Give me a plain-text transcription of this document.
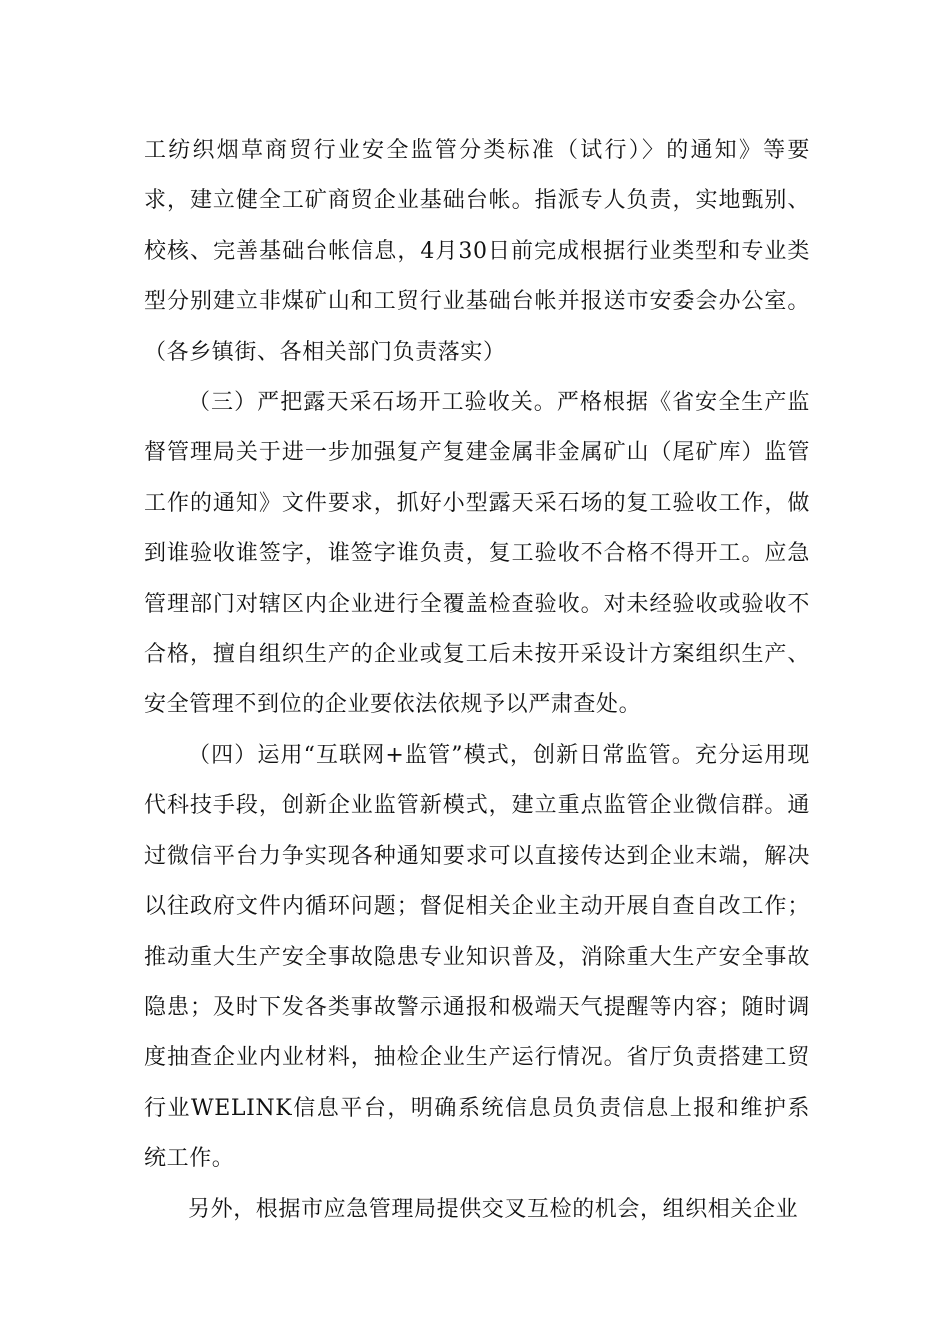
工纺织烟草商贸行业安全监管分类标准（试行）〉的通知》等要求，建立健全工矿商贸企业基础台帐。指派专人负责，实地甄别、校核、完善基础台帐信息，4月30日前完成根据行业类型和专业类型分别建立非煤矿山和工贸行业基础台帐并报送市安委会办公室。（各乡镇街、各相关部门负责落实）

（三）严把露天采石场开工验收关。严格根据《省安全生产监督管理局关于进一步加强复产复建金属非金属矿山（尾矿库）监管工作的通知》文件要求，抓好小型露天采石场的复工验收工作，做到谁验收谁签字，谁签字谁负责，复工验收不合格不得开工。应急管理部门对辖区内企业进行全覆盖检查验收。对未经验收或验收不合格，擅自组织生产的企业或复工后未按开采设计方案组织生产、安全管理不到位的企业要依法依规予以严肃查处。

（四）运用“互联网+监管”模式，创新日常监管。充分运用现代科技手段，创新企业监管新模式，建立重点监管企业微信群。通过微信平台力争实现各种通知要求可以直接传达到企业末端，解决以往政府文件内循环问题；督促相关企业主动开展自查自改工作；推动重大生产安全事故隐患专业知识普及，消除重大生产安全事故隐患；及时下发各类事故警示通报和极端天气提醒等内容；随时调度抽查企业内业材料，抽检企业生产运行情况。省厅负责搭建工贸行业WELINK信息平台，明确系统信息员负责信息上报和维护系统工作。

另外，根据市应急管理局提供交叉互检的机会，组织相关企业
